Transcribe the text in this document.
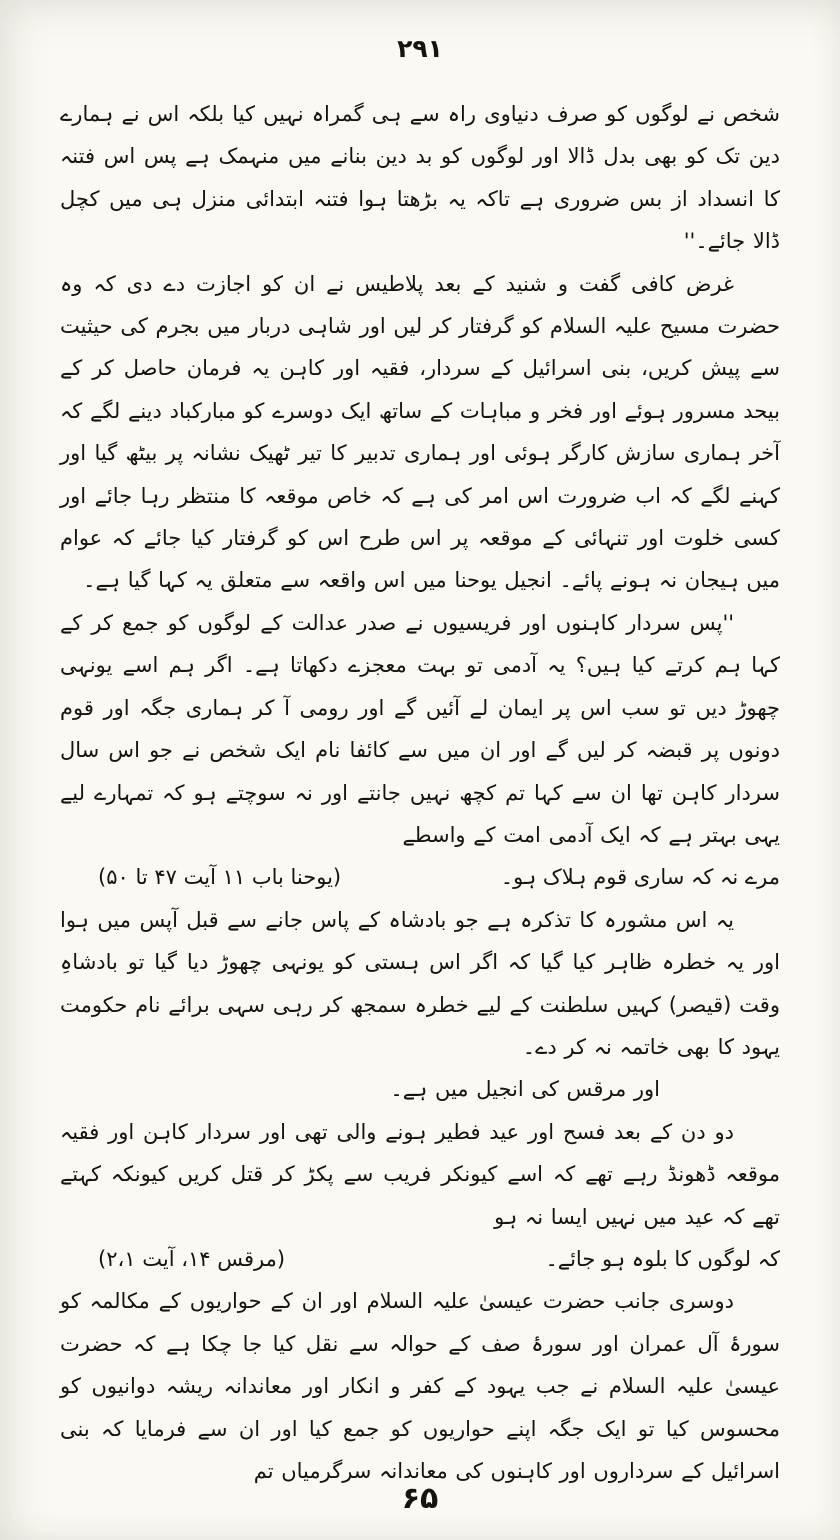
۲۹۱

شخص نے لوگوں کو صرف دنیاوی راہ سے ہی گمراہ نہیں کیا بلکہ اس نے ہمارے دین تک کو بھی بدل ڈالا اور لوگوں کو بد دین بنانے میں منہمک ہے پس اس فتنہ کا انسداد از بس ضروری ہے تاکہ یہ بڑھتا ہوا فتنہ ابتدائی منزل ہی میں کچل ڈالا جائے۔''

غرض کافی گفت و شنید کے بعد پلاطیس نے ان کو اجازت دے دی کہ وہ حضرت مسیح علیہ السلام کو گرفتار کر لیں اور شاہی دربار میں بجرم کی حیثیت سے پیش کریں، بنی اسرائیل کے سردار، فقیہ اور کاہن یہ فرمان حاصل کر کے بیحد مسرور ہوئے اور فخر و مباہات کے ساتھ ایک دوسرے کو مبارکباد دینے لگے کہ آخر ہماری سازش کارگر ہوئی اور ہماری تدبیر کا تیر ٹھیک نشانہ پر بیٹھ گیا اور کہنے لگے کہ اب ضرورت اس امر کی ہے کہ خاص موقعہ کا منتظر رہا جائے اور کسی خلوت اور تنہائی کے موقعہ پر اس طرح اس کو گرفتار کیا جائے کہ عوام میں ہیجان نہ ہونے پائے۔ انجیل یوحنا میں اس واقعہ سے متعلق یہ کہا گیا ہے۔

''پس سردار کاہنوں اور فریسیوں نے صدر عدالت کے لوگوں کو جمع کر کے کہا ہم کرتے کیا ہیں؟ یہ آدمی تو بہت معجزے دکھاتا ہے۔ اگر ہم اسے یونہی چھوڑ دیں تو سب اس پر ایمان لے آئیں گے اور رومی آ کر ہماری جگہ اور قوم دونوں پر قبضہ کر لیں گے اور ان میں سے کائفا نام ایک شخص نے جو اس سال سردار کاہن تھا ان سے کہا تم کچھ نہیں جانتے اور نہ سوچتے ہو کہ تمہارے لیے یہی بہتر ہے کہ ایک آدمی امت کے واسطے

مرے نہ کہ ساری قوم ہلاک ہو۔
(یوحنا باب ۱۱ آیت ۴۷ تا ۵۰)

یہ اس مشورہ کا تذکرہ ہے جو بادشاہ کے پاس جانے سے قبل آپس میں ہوا اور یہ خطرہ ظاہر کیا گیا کہ اگر اس ہستی کو یونہی چھوڑ دیا گیا تو بادشاہِ وقت (قیصر) کہیں سلطنت کے لیے خطرہ سمجھ کر رہی سہی برائے نام حکومت یہود کا بھی خاتمہ نہ کر دے۔

اور مرقس کی انجیل میں ہے۔

دو دن کے بعد فسح اور عید فطیر ہونے والی تھی اور سردار کاہن اور فقیہ موقعہ ڈھونڈ رہے تھے کہ اسے کیونکر فریب سے پکڑ کر قتل کریں کیونکہ کہتے تھے کہ عید میں نہیں ایسا نہ ہو

کہ لوگوں کا بلوہ ہو جائے۔
(مرقس ۱۴، آیت ۲،۱)

دوسری جانب حضرت عیسیٰ علیہ السلام اور ان کے حواریوں کے مکالمہ کو سورۂ آل عمران اور سورۂ صف کے حوالہ سے نقل کیا جا چکا ہے کہ حضرت عیسیٰ علیہ السلام نے جب یہود کے کفر و انکار اور معاندانہ ریشہ دوانیوں کو محسوس کیا تو ایک جگہ اپنے حواریوں کو جمع کیا اور ان سے فرمایا کہ بنی اسرائیل کے سرداروں اور کاہنوں کی معاندانہ سرگرمیاں تم

۶۵
